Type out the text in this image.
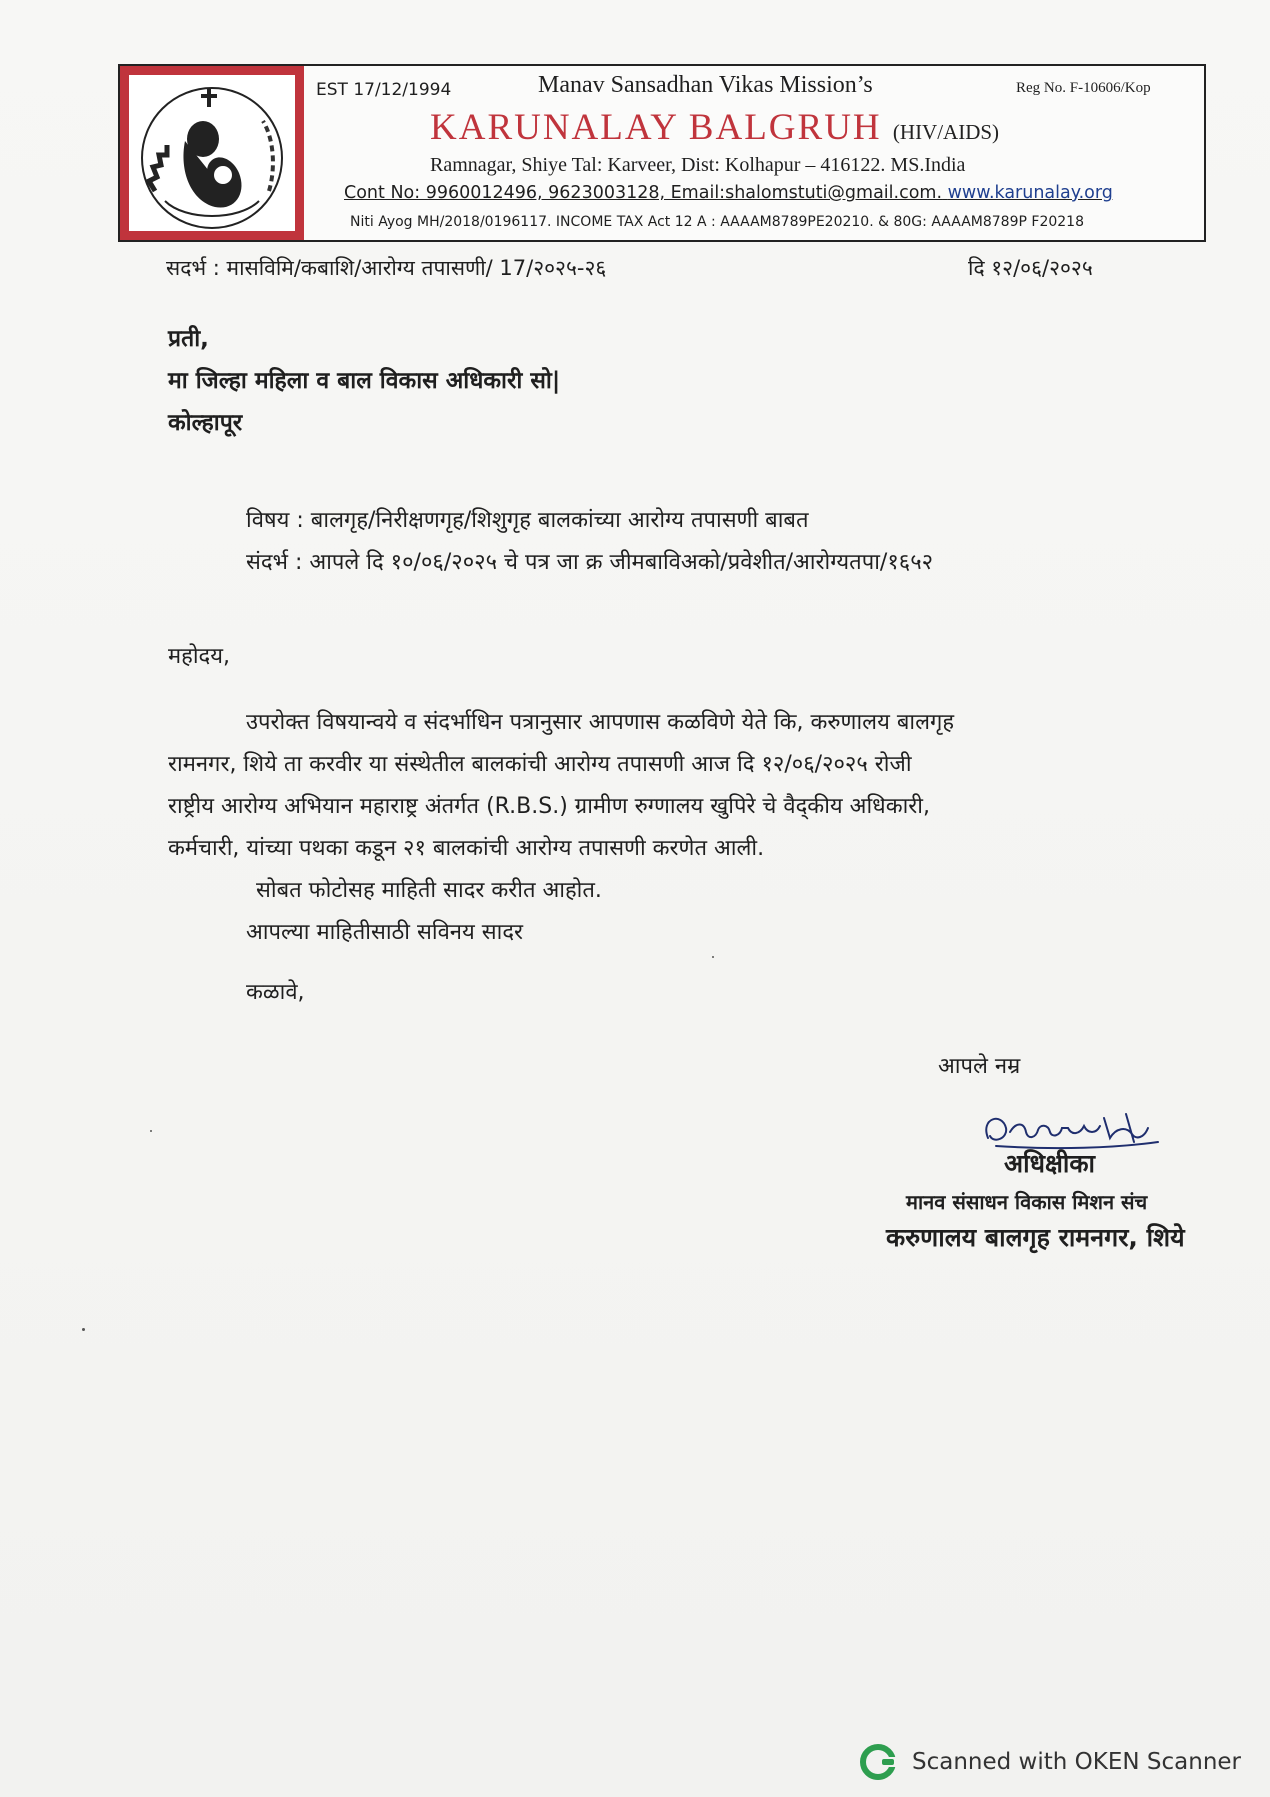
EST 17/12/1994	Manav Sansadhan Vikas Mission’s	Reg No. F-10606/Kop
KARUNALAY BALGRUH (HIV/AIDS)
Ramnagar, Shiye Tal: Karveer, Dist: Kolhapur – 416122. MS.India
Cont No: 9960012496, 9623003128, Email:shalomstuti@gmail.com. www.karunalay.org
Niti Ayog MH/2018/0196117. INCOME TAX Act 12 A : AAAAM8789PE20210. & 80G: AAAAM8789P F20218
सदर्भ : मासविमि/कबाशि/आरोग्य तपासणी/ 17/२०२५-२६	दि १२/०६/२०२५
प्रती,
मा जिल्हा महिला व बाल विकास अधिकारी सो|
कोल्हापूर
विषय : बालगृह/निरीक्षणगृह/शिशुगृह बालकांच्या आरोग्य तपासणी बाबत
संदर्भ : आपले दि १०/०६/२०२५ चे पत्र जा क्र जीमबाविअको/प्रवेशीत/आरोग्यतपा/१६५२
महोदय,
उपरोक्त विषयान्वये व संदर्भाधिन पत्रानुसार आपणास कळविणे येते कि, करुणालय बालगृह
रामनगर, शिये ता करवीर या संस्थेतील बालकांची आरोग्य तपासणी आज दि १२/०६/२०२५ रोजी
राष्ट्रीय आरोग्य अभियान महाराष्ट्र अंतर्गत (R.B.S.) ग्रामीण रुग्णालय खुपिरे चे वैद्कीय अधिकारी,
कर्मचारी, यांच्या पथका कडून २१ बालकांची आरोग्य तपासणी करणेत आली.
सोबत फोटोसह माहिती सादर करीत आहोत.
आपल्या माहितीसाठी सविनय सादर
कळावे,
आपले नम्र
अधिक्षीका
मानव संसाधन विकास मिशन संच
करुणालय बालगृह रामनगर, शिये
Scanned with OKEN Scanner
